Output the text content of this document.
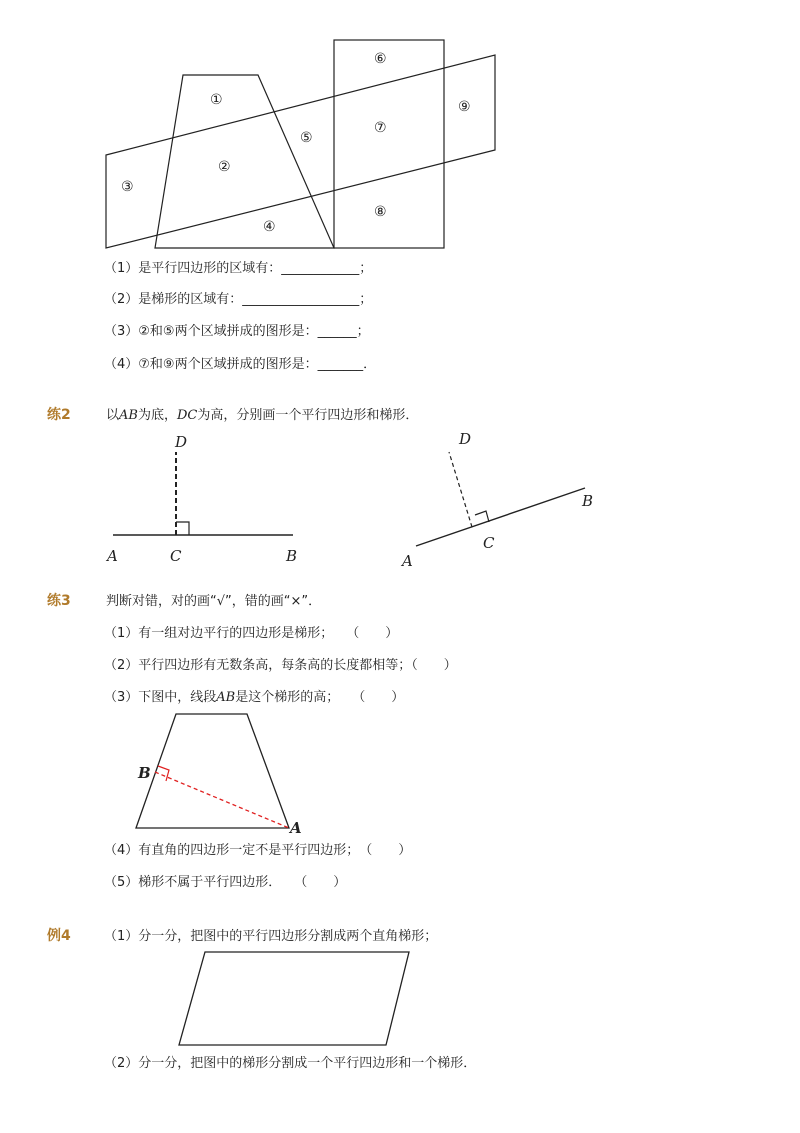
①
②
③
④
⑤
⑥
⑦
⑧
⑨
（1）是平行四边形的区域有：____________；
（2）是梯形的区域有：__________________；
（3）②和⑤两个区域拼成的图形是：______；
（4）⑦和⑨两个区域拼成的图形是：_______．
练2	以AB为底，DC为高，分别画一个平行四边形和梯形．
D
A	C	B
D
B
C
A
练3	判断对错，对的画“√”，错的画“×”．
（1）有一组对边平行的四边形是梯形；　　（　　）
（2）平行四边形有无数条高，每条高的长度都相等；（　　）
（3）下图中，线段AB是这个梯形的高；　　（　　）
B
A
（4）有直角的四边形一定不是平行四边形；　（　　）
（5）梯形不属于平行四边形．　　（　　）
例4	（1）分一分，把图中的平行四边形分割成两个直角梯形；
（2）分一分，把图中的梯形分割成一个平行四边形和一个梯形．
